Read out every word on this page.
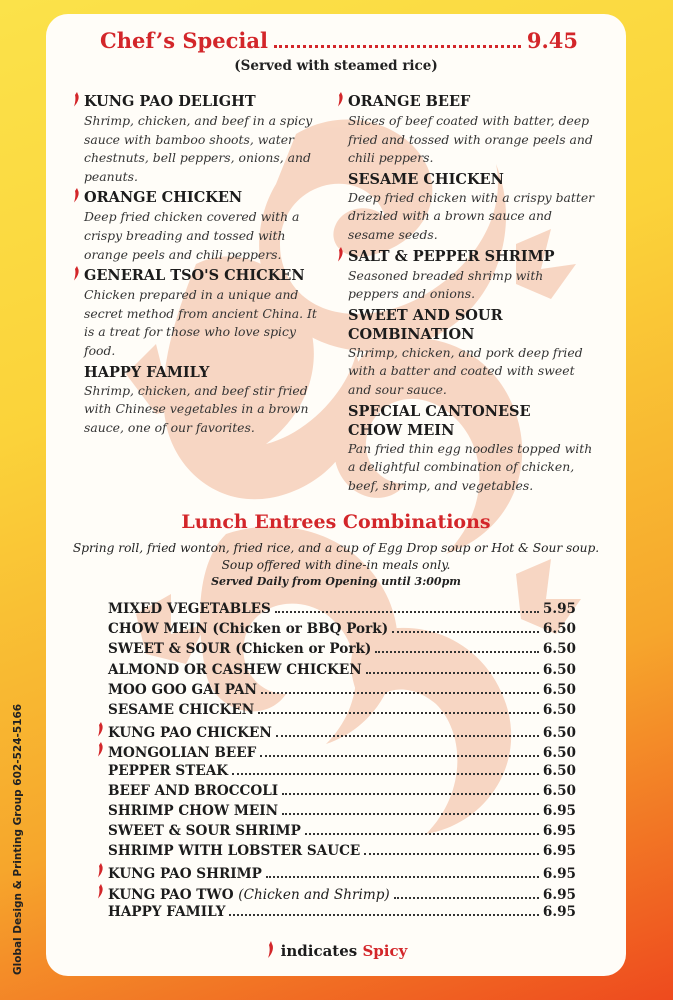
Chef’s Special	9.45
(Served with steamed rice)
KUNG PAO DELIGHT
Shrimp, chicken, and beef in a spicy sauce with bamboo shoots, water chestnuts, bell peppers, onions, and peanuts.
ORANGE CHICKEN
Deep fried chicken covered with a crispy breading and tossed with orange peels and chili peppers.
GENERAL TSO'S CHICKEN
Chicken prepared in a unique and secret method from ancient China. It is a treat for those who love spicy food.
HAPPY FAMILY
Shrimp, chicken, and beef stir fried with Chinese vegetables in a brown sauce, one of our favorites.
ORANGE BEEF
Slices of beef coated with batter, deep fried and tossed with orange peels and chili peppers.
SESAME CHICKEN
Deep fried chicken with a crispy batter drizzled with a brown sauce and sesame seeds.
SALT & PEPPER SHRIMP
Seasoned breaded shrimp with peppers and onions.
SWEET AND SOUR
COMBINATION
Shrimp, chicken, and pork deep fried with a batter and coated with sweet and sour sauce.
SPECIAL CANTONESE
CHOW MEIN
Pan fried thin egg noodles topped with a delightful combination of chicken, beef, shrimp, and vegetables.
Lunch Entrees Combinations
Spring roll, fried wonton, fried rice, and a cup of Egg Drop soup or Hot & Sour soup. Soup offered with dine-in meals only.
Served Daily from Opening until 3:00pm
MIXED VEGETABLES	5.95
CHOW MEIN (Chicken or BBQ Pork)	6.50
SWEET & SOUR (Chicken or Pork)	6.50
ALMOND OR CASHEW CHICKEN	6.50
MOO GOO GAI PAN	6.50
SESAME CHICKEN	6.50
KUNG PAO CHICKEN	6.50
MONGOLIAN BEEF	6.50
PEPPER STEAK	6.50
BEEF AND BROCCOLI	6.50
SHRIMP CHOW MEIN	6.95
SWEET & SOUR SHRIMP	6.95
SHRIMP WITH LOBSTER SAUCE	6.95
KUNG PAO SHRIMP	6.95
KUNG PAO TWO (Chicken and Shrimp)	6.95
HAPPY FAMILY	6.95
indicates Spicy
Global Design & Printing Group 602-524-5166
